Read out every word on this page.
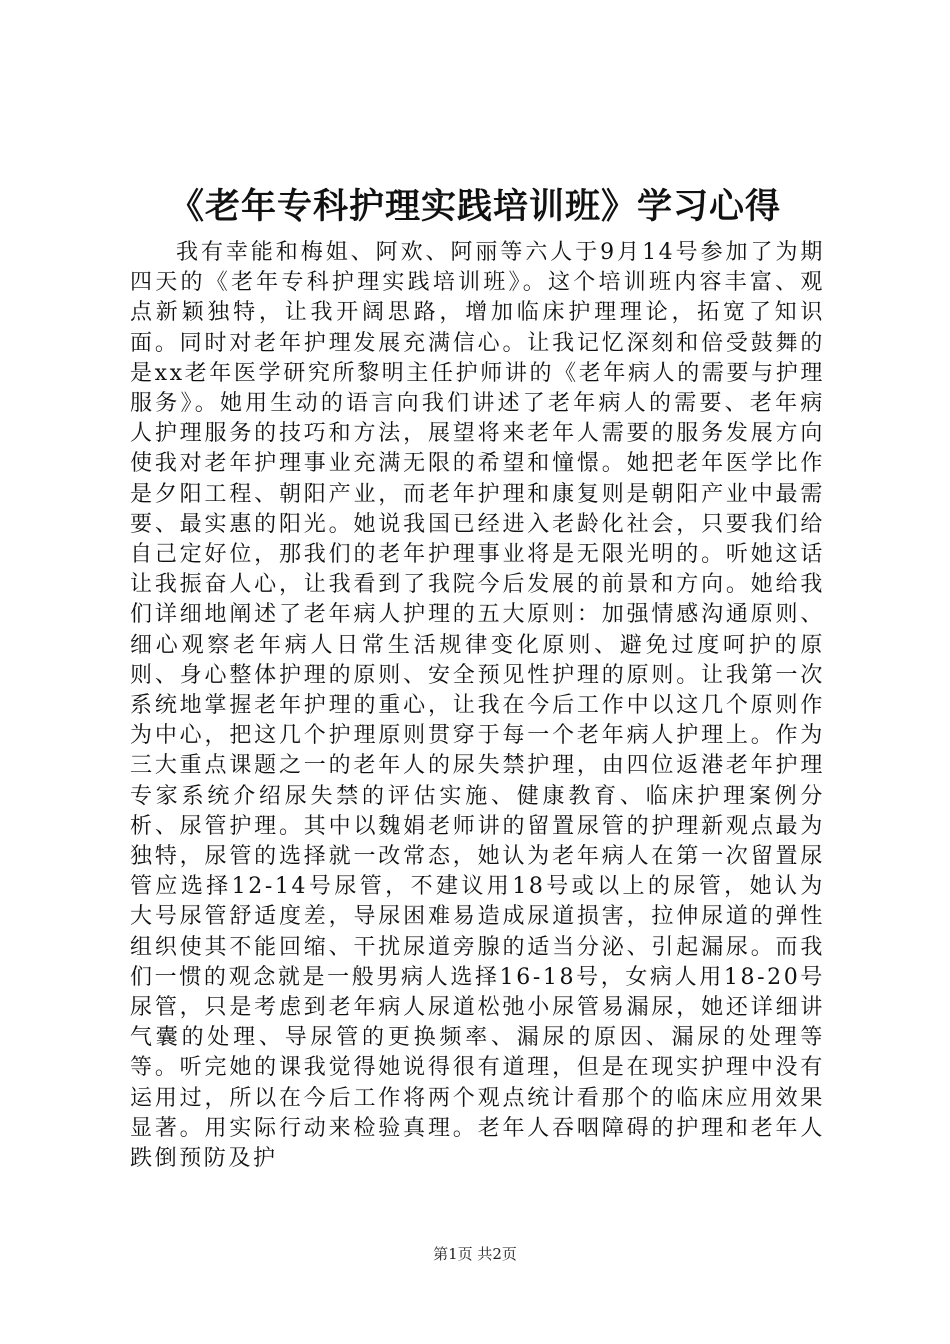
《老年专科护理实践培训班》学习心得

我有幸能和梅姐、阿欢、阿丽等六人于9月14号参加了为期四天的《老年专科护理实践培训班》。这个培训班内容丰富、观点新颖独特，让我开阔思路，增加临床护理理论，拓宽了知识面。同时对老年护理发展充满信心。让我记忆深刻和倍受鼓舞的是xx老年医学研究所黎明主任护师讲的《老年病人的需要与护理服务》。她用生动的语言向我们讲述了老年病人的需要、老年病人护理服务的技巧和方法，展望将来老年人需要的服务发展方向使我对老年护理事业充满无限的希望和憧憬。她把老年医学比作是夕阳工程、朝阳产业，而老年护理和康复则是朝阳产业中最需要、最实惠的阳光。她说我国已经进入老龄化社会，只要我们给自己定好位，那我们的老年护理事业将是无限光明的。听她这话让我振奋人心，让我看到了我院今后发展的前景和方向。她给我们详细地阐述了老年病人护理的五大原则：加强情感沟通原则、细心观察老年病人日常生活规律变化原则、避免过度呵护的原则、身心整体护理的原则、安全预见性护理的原则。让我第一次系统地掌握老年护理的重心，让我在今后工作中以这几个原则作为中心，把这几个护理原则贯穿于每一个老年病人护理上。作为三大重点课题之一的老年人的尿失禁护理，由四位返港老年护理专家系统介绍尿失禁的评估实施、健康教育、临床护理案例分析、尿管护理。其中以魏娟老师讲的留置尿管的护理新观点最为独特，尿管的选择就一改常态，她认为老年病人在第一次留置尿管应选择12-14号尿管，不建议用18号或以上的尿管，她认为大号尿管舒适度差，导尿困难易造成尿道损害，拉伸尿道的弹性组织使其不能回缩、干扰尿道旁腺的适当分泌、引起漏尿。而我们一惯的观念就是一般男病人选择16-18号，女病人用18-20号尿管，只是考虑到老年病人尿道松弛小尿管易漏尿，她还详细讲气囊的处理、导尿管的更换频率、漏尿的原因、漏尿的处理等等。听完她的课我觉得她说得很有道理，但是在现实护理中没有运用过，所以在今后工作将两个观点统计看那个的临床应用效果显著。用实际行动来检验真理。老年人吞咽障碍的护理和老年人跌倒预防及护

第1页 共2页
